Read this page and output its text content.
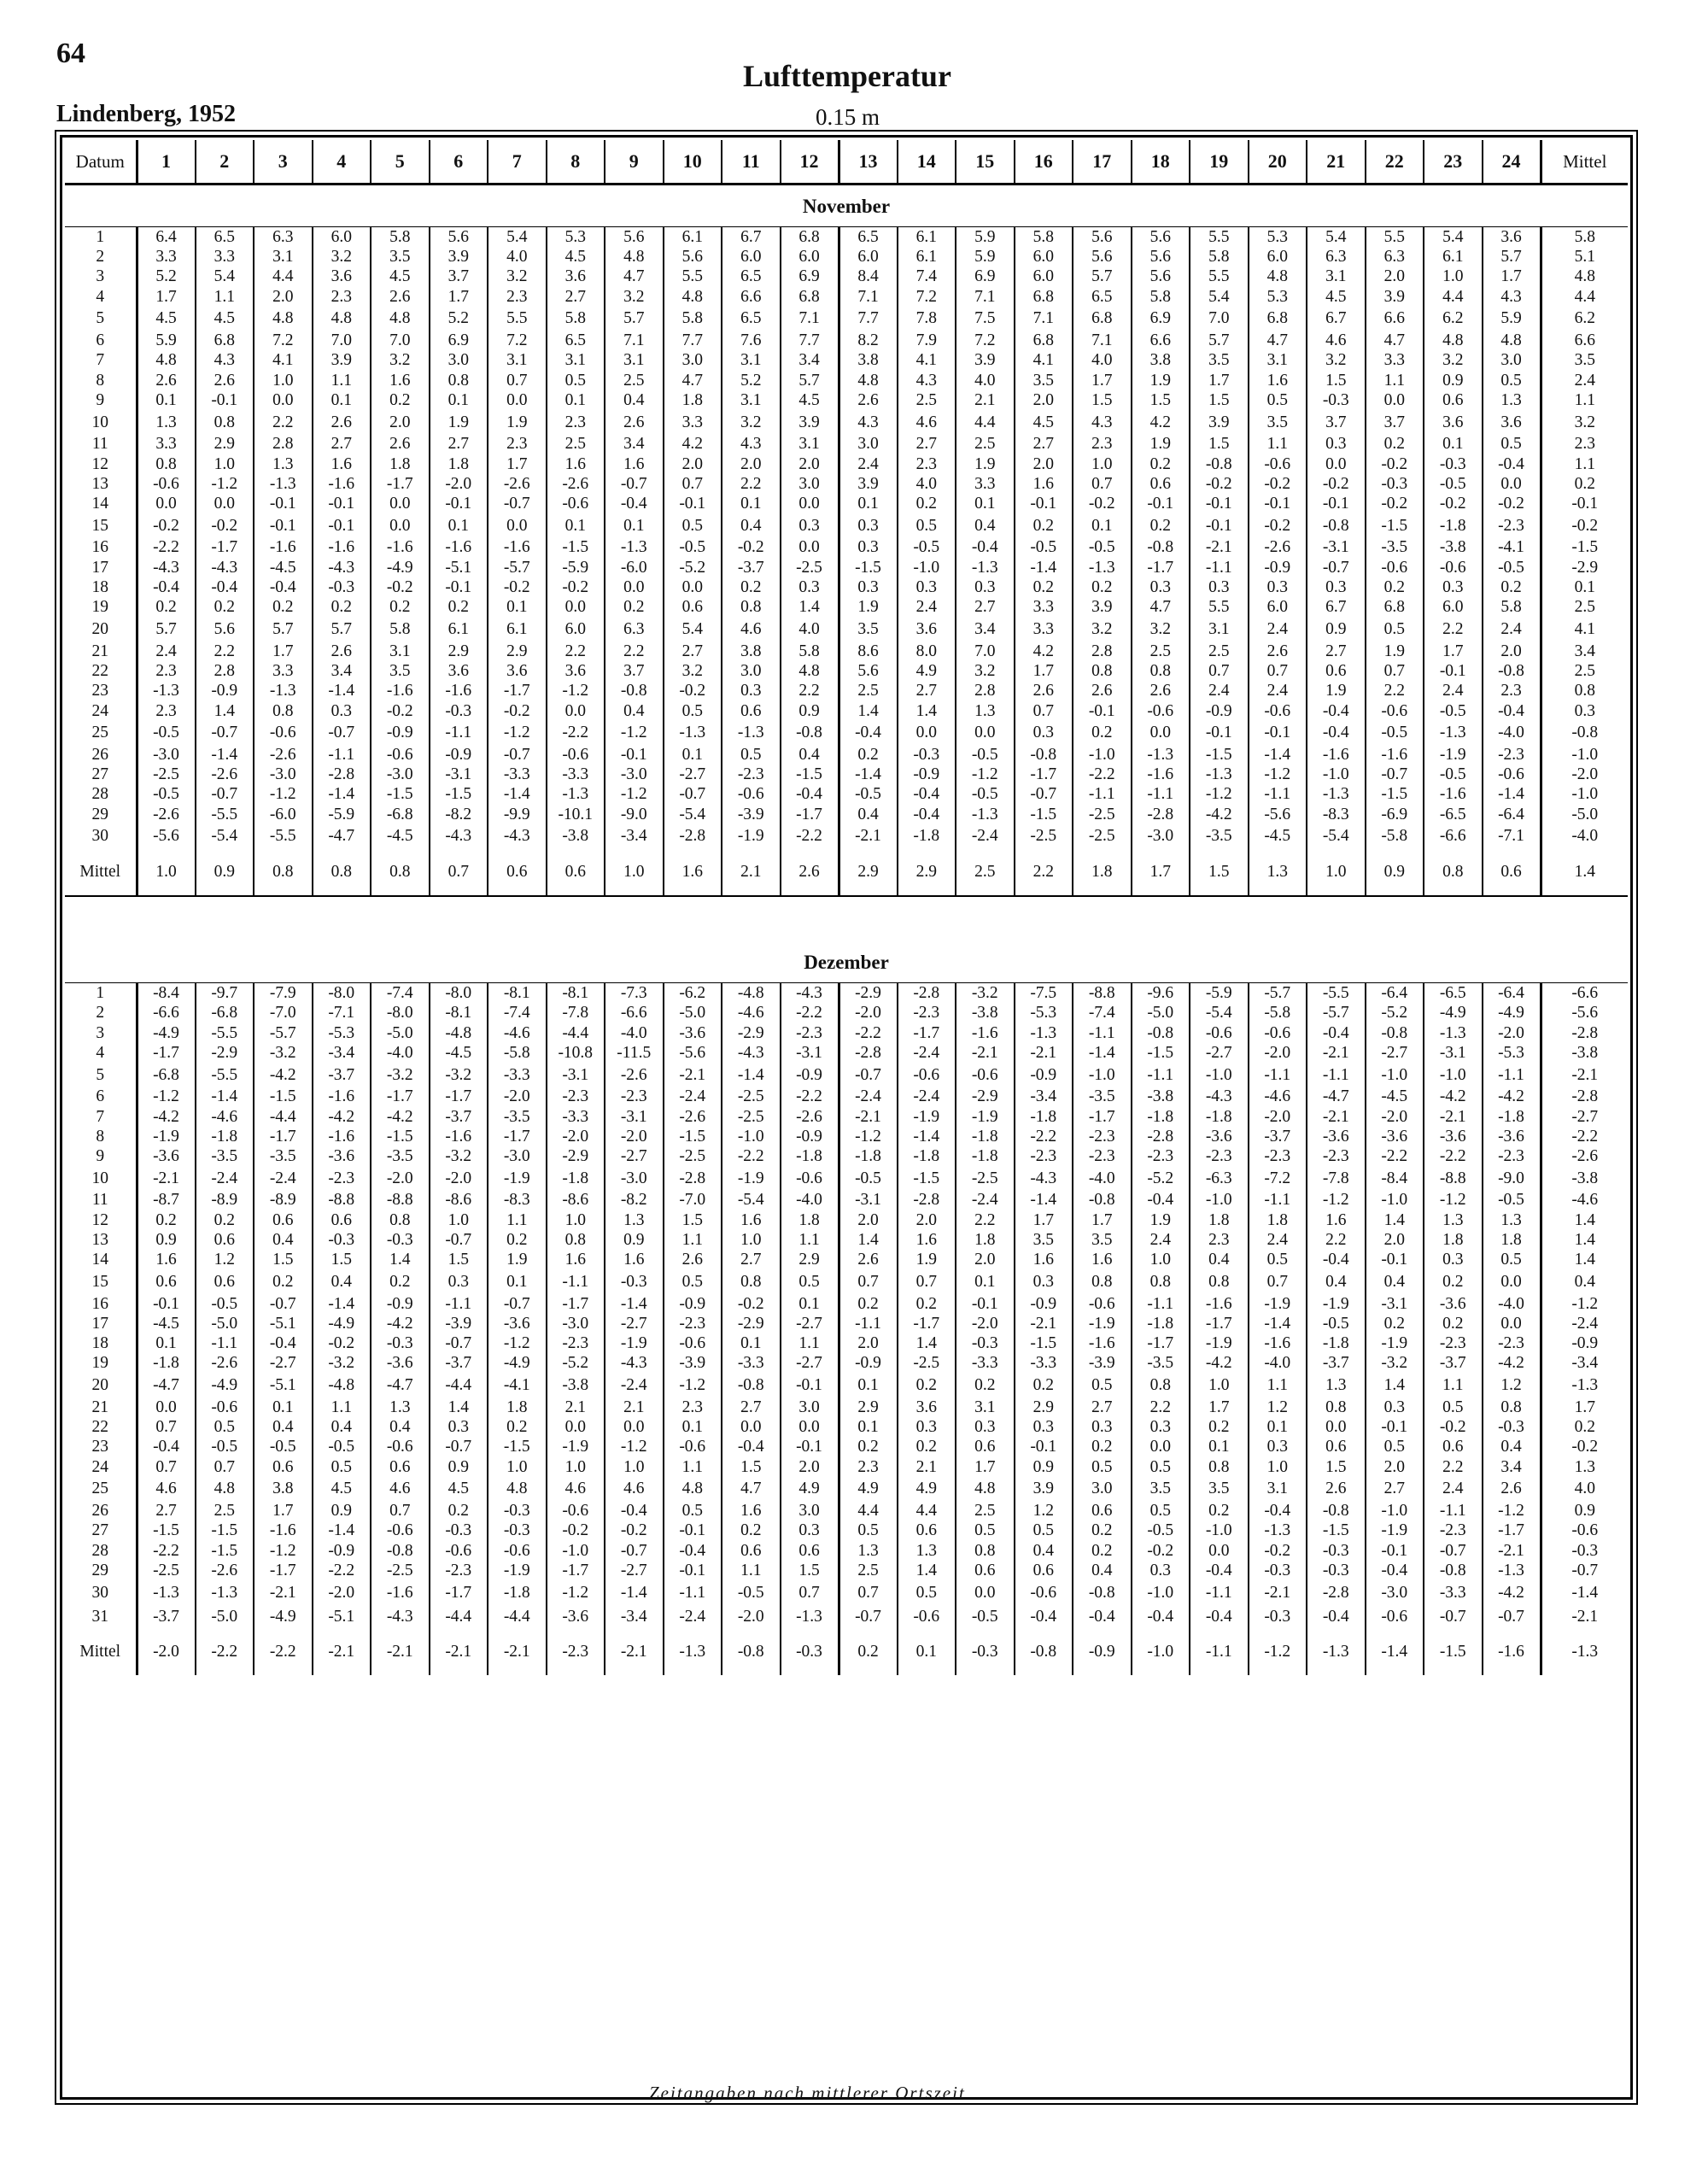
64
Lindenberg, 1952
Lufttemperatur
0.15 m
Datum	1	2	3	4	5	6	7	8	9	10	11	12	13	14	15	16	17	18	19	20	21	22	23	24	Mittel
November																									
1	6.4	6.5	6.3	6.0	5.8	5.6	5.4	5.3	5.6	6.1	6.7	6.8	6.5	6.1	5.9	5.8	5.6	5.6	5.5	5.3	5.4	5.5	5.4	3.6	5.8
2	3.3	3.3	3.1	3.2	3.5	3.9	4.0	4.5	4.8	5.6	6.0	6.0	6.0	6.1	5.9	6.0	5.6	5.6	5.8	6.0	6.3	6.3	6.1	5.7	5.1
3	5.2	5.4	4.4	3.6	4.5	3.7	3.2	3.6	4.7	5.5	6.5	6.9	8.4	7.4	6.9	6.0	5.7	5.6	5.5	4.8	3.1	2.0	1.0	1.7	4.8
4	1.7	1.1	2.0	2.3	2.6	1.7	2.3	2.7	3.2	4.8	6.6	6.8	7.1	7.2	7.1	6.8	6.5	5.8	5.4	5.3	4.5	3.9	4.4	4.3	4.4
5	4.5	4.5	4.8	4.8	4.8	5.2	5.5	5.8	5.7	5.8	6.5	7.1	7.7	7.8	7.5	7.1	6.8	6.9	7.0	6.8	6.7	6.6	6.2	5.9	6.2
6	5.9	6.8	7.2	7.0	7.0	6.9	7.2	6.5	7.1	7.7	7.6	7.7	8.2	7.9	7.2	6.8	7.1	6.6	5.7	4.7	4.6	4.7	4.8	4.8	6.6
7	4.8	4.3	4.1	3.9	3.2	3.0	3.1	3.1	3.1	3.0	3.1	3.4	3.8	4.1	3.9	4.1	4.0	3.8	3.5	3.1	3.2	3.3	3.2	3.0	3.5
8	2.6	2.6	1.0	1.1	1.6	0.8	0.7	0.5	2.5	4.7	5.2	5.7	4.8	4.3	4.0	3.5	1.7	1.9	1.7	1.6	1.5	1.1	0.9	0.5	2.4
9	0.1	-0.1	0.0	0.1	0.2	0.1	0.0	0.1	0.4	1.8	3.1	4.5	2.6	2.5	2.1	2.0	1.5	1.5	1.5	0.5	-0.3	0.0	0.6	1.3	1.1
10	1.3	0.8	2.2	2.6	2.0	1.9	1.9	2.3	2.6	3.3	3.2	3.9	4.3	4.6	4.4	4.5	4.3	4.2	3.9	3.5	3.7	3.7	3.6	3.6	3.2
11	3.3	2.9	2.8	2.7	2.6	2.7	2.3	2.5	3.4	4.2	4.3	3.1	3.0	2.7	2.5	2.7	2.3	1.9	1.5	1.1	0.3	0.2	0.1	0.5	2.3
12	0.8	1.0	1.3	1.6	1.8	1.8	1.7	1.6	1.6	2.0	2.0	2.0	2.4	2.3	1.9	2.0	1.0	0.2	-0.8	-0.6	0.0	-0.2	-0.3	-0.4	1.1
13	-0.6	-1.2	-1.3	-1.6	-1.7	-2.0	-2.6	-2.6	-0.7	0.7	2.2	3.0	3.9	4.0	3.3	1.6	0.7	0.6	-0.2	-0.2	-0.2	-0.3	-0.5	0.0	0.2
14	0.0	0.0	-0.1	-0.1	0.0	-0.1	-0.7	-0.6	-0.4	-0.1	0.1	0.0	0.1	0.2	0.1	-0.1	-0.2	-0.1	-0.1	-0.1	-0.1	-0.2	-0.2	-0.2	-0.1
15	-0.2	-0.2	-0.1	-0.1	0.0	0.1	0.0	0.1	0.1	0.5	0.4	0.3	0.3	0.5	0.4	0.2	0.1	0.2	-0.1	-0.2	-0.8	-1.5	-1.8	-2.3	-0.2
16	-2.2	-1.7	-1.6	-1.6	-1.6	-1.6	-1.6	-1.5	-1.3	-0.5	-0.2	0.0	0.3	-0.5	-0.4	-0.5	-0.5	-0.8	-2.1	-2.6	-3.1	-3.5	-3.8	-4.1	-1.5
17	-4.3	-4.3	-4.5	-4.3	-4.9	-5.1	-5.7	-5.9	-6.0	-5.2	-3.7	-2.5	-1.5	-1.0	-1.3	-1.4	-1.3	-1.7	-1.1	-0.9	-0.7	-0.6	-0.6	-0.5	-2.9
18	-0.4	-0.4	-0.4	-0.3	-0.2	-0.1	-0.2	-0.2	0.0	0.0	0.2	0.3	0.3	0.3	0.3	0.2	0.2	0.3	0.3	0.3	0.3	0.2	0.3	0.2	0.1
19	0.2	0.2	0.2	0.2	0.2	0.2	0.1	0.0	0.2	0.6	0.8	1.4	1.9	2.4	2.7	3.3	3.9	4.7	5.5	6.0	6.7	6.8	6.0	5.8	2.5
20	5.7	5.6	5.7	5.7	5.8	6.1	6.1	6.0	6.3	5.4	4.6	4.0	3.5	3.6	3.4	3.3	3.2	3.2	3.1	2.4	0.9	0.5	2.2	2.4	4.1
21	2.4	2.2	1.7	2.6	3.1	2.9	2.9	2.2	2.2	2.7	3.8	5.8	8.6	8.0	7.0	4.2	2.8	2.5	2.5	2.6	2.7	1.9	1.7	2.0	3.4
22	2.3	2.8	3.3	3.4	3.5	3.6	3.6	3.6	3.7	3.2	3.0	4.8	5.6	4.9	3.2	1.7	0.8	0.8	0.7	0.7	0.6	0.7	-0.1	-0.8	2.5
23	-1.3	-0.9	-1.3	-1.4	-1.6	-1.6	-1.7	-1.2	-0.8	-0.2	0.3	2.2	2.5	2.7	2.8	2.6	2.6	2.6	2.4	2.4	1.9	2.2	2.4	2.3	0.8
24	2.3	1.4	0.8	0.3	-0.2	-0.3	-0.2	0.0	0.4	0.5	0.6	0.9	1.4	1.4	1.3	0.7	-0.1	-0.6	-0.9	-0.6	-0.4	-0.6	-0.5	-0.4	0.3
25	-0.5	-0.7	-0.6	-0.7	-0.9	-1.1	-1.2	-2.2	-1.2	-1.3	-1.3	-0.8	-0.4	0.0	0.0	0.3	0.2	0.0	-0.1	-0.1	-0.4	-0.5	-1.3	-4.0	-0.8
26	-3.0	-1.4	-2.6	-1.1	-0.6	-0.9	-0.7	-0.6	-0.1	0.1	0.5	0.4	0.2	-0.3	-0.5	-0.8	-1.0	-1.3	-1.5	-1.4	-1.6	-1.6	-1.9	-2.3	-1.0
27	-2.5	-2.6	-3.0	-2.8	-3.0	-3.1	-3.3	-3.3	-3.0	-2.7	-2.3	-1.5	-1.4	-0.9	-1.2	-1.7	-2.2	-1.6	-1.3	-1.2	-1.0	-0.7	-0.5	-0.6	-2.0
28	-0.5	-0.7	-1.2	-1.4	-1.5	-1.5	-1.4	-1.3	-1.2	-0.7	-0.6	-0.4	-0.5	-0.4	-0.5	-0.7	-1.1	-1.1	-1.2	-1.1	-1.3	-1.5	-1.6	-1.4	-1.0
29	-2.6	-5.5	-6.0	-5.9	-6.8	-8.2	-9.9	-10.1	-9.0	-5.4	-3.9	-1.7	0.4	-0.4	-1.3	-1.5	-2.5	-2.8	-4.2	-5.6	-8.3	-6.9	-6.5	-6.4	-5.0
30	-5.6	-5.4	-5.5	-4.7	-4.5	-4.3	-4.3	-3.8	-3.4	-2.8	-1.9	-2.2	-2.1	-1.8	-2.4	-2.5	-2.5	-3.0	-3.5	-4.5	-5.4	-5.8	-6.6	-7.1	-4.0
Mittel	1.0	0.9	0.8	0.8	0.8	0.7	0.6	0.6	1.0	1.6	2.1	2.6	2.9	2.9	2.5	2.2	1.8	1.7	1.5	1.3	1.0	0.9	0.8	0.6	1.4

Dezember																									
1	-8.4	-9.7	-7.9	-8.0	-7.4	-8.0	-8.1	-8.1	-7.3	-6.2	-4.8	-4.3	-2.9	-2.8	-3.2	-7.5	-8.8	-9.6	-5.9	-5.7	-5.5	-6.4	-6.5	-6.4	-6.6
2	-6.6	-6.8	-7.0	-7.1	-8.0	-8.1	-7.4	-7.8	-6.6	-5.0	-4.6	-2.2	-2.0	-2.3	-3.8	-5.3	-7.4	-5.0	-5.4	-5.8	-5.7	-5.2	-4.9	-4.9	-5.6
3	-4.9	-5.5	-5.7	-5.3	-5.0	-4.8	-4.6	-4.4	-4.0	-3.6	-2.9	-2.3	-2.2	-1.7	-1.6	-1.3	-1.1	-0.8	-0.6	-0.6	-0.4	-0.8	-1.3	-2.0	-2.8
4	-1.7	-2.9	-3.2	-3.4	-4.0	-4.5	-5.8	-10.8	-11.5	-5.6	-4.3	-3.1	-2.8	-2.4	-2.1	-2.1	-1.4	-1.5	-2.7	-2.0	-2.1	-2.7	-3.1	-5.3	-3.8
5	-6.8	-5.5	-4.2	-3.7	-3.2	-3.2	-3.3	-3.1	-2.6	-2.1	-1.4	-0.9	-0.7	-0.6	-0.6	-0.9	-1.0	-1.1	-1.0	-1.1	-1.1	-1.0	-1.0	-1.1	-2.1
6	-1.2	-1.4	-1.5	-1.6	-1.7	-1.7	-2.0	-2.3	-2.3	-2.4	-2.5	-2.2	-2.4	-2.4	-2.9	-3.4	-3.5	-3.8	-4.3	-4.6	-4.7	-4.5	-4.2	-4.2	-2.8
7	-4.2	-4.6	-4.4	-4.2	-4.2	-3.7	-3.5	-3.3	-3.1	-2.6	-2.5	-2.6	-2.1	-1.9	-1.9	-1.8	-1.7	-1.8	-1.8	-2.0	-2.1	-2.0	-2.1	-1.8	-2.7
8	-1.9	-1.8	-1.7	-1.6	-1.5	-1.6	-1.7	-2.0	-2.0	-1.5	-1.0	-0.9	-1.2	-1.4	-1.8	-2.2	-2.3	-2.8	-3.6	-3.7	-3.6	-3.6	-3.6	-3.6	-2.2
9	-3.6	-3.5	-3.5	-3.6	-3.5	-3.2	-3.0	-2.9	-2.7	-2.5	-2.2	-1.8	-1.8	-1.8	-1.8	-2.3	-2.3	-2.3	-2.3	-2.3	-2.3	-2.2	-2.2	-2.3	-2.6
10	-2.1	-2.4	-2.4	-2.3	-2.0	-2.0	-1.9	-1.8	-3.0	-2.8	-1.9	-0.6	-0.5	-1.5	-2.5	-4.3	-4.0	-5.2	-6.3	-7.2	-7.8	-8.4	-8.8	-9.0	-3.8
11	-8.7	-8.9	-8.9	-8.8	-8.8	-8.6	-8.3	-8.6	-8.2	-7.0	-5.4	-4.0	-3.1	-2.8	-2.4	-1.4	-0.8	-0.4	-1.0	-1.1	-1.2	-1.0	-1.2	-0.5	-4.6
12	0.2	0.2	0.6	0.6	0.8	1.0	1.1	1.0	1.3	1.5	1.6	1.8	2.0	2.0	2.2	1.7	1.7	1.9	1.8	1.8	1.6	1.4	1.3	1.3	1.4
13	0.9	0.6	0.4	-0.3	-0.3	-0.7	0.2	0.8	0.9	1.1	1.0	1.1	1.4	1.6	1.8	3.5	3.5	2.4	2.3	2.4	2.2	2.0	1.8	1.8	1.4
14	1.6	1.2	1.5	1.5	1.4	1.5	1.9	1.6	1.6	2.6	2.7	2.9	2.6	1.9	2.0	1.6	1.6	1.0	0.4	0.5	-0.4	-0.1	0.3	0.5	1.4
15	0.6	0.6	0.2	0.4	0.2	0.3	0.1	-1.1	-0.3	0.5	0.8	0.5	0.7	0.7	0.1	0.3	0.8	0.8	0.8	0.7	0.4	0.4	0.2	0.0	0.4
16	-0.1	-0.5	-0.7	-1.4	-0.9	-1.1	-0.7	-1.7	-1.4	-0.9	-0.2	0.1	0.2	0.2	-0.1	-0.9	-0.6	-1.1	-1.6	-1.9	-1.9	-3.1	-3.6	-4.0	-1.2
17	-4.5	-5.0	-5.1	-4.9	-4.2	-3.9	-3.6	-3.0	-2.7	-2.3	-2.9	-2.7	-1.1	-1.7	-2.0	-2.1	-1.9	-1.8	-1.7	-1.4	-0.5	0.2	0.2	0.0	-2.4
18	0.1	-1.1	-0.4	-0.2	-0.3	-0.7	-1.2	-2.3	-1.9	-0.6	0.1	1.1	2.0	1.4	-0.3	-1.5	-1.6	-1.7	-1.9	-1.6	-1.8	-1.9	-2.3	-2.3	-0.9
19	-1.8	-2.6	-2.7	-3.2	-3.6	-3.7	-4.9	-5.2	-4.3	-3.9	-3.3	-2.7	-0.9	-2.5	-3.3	-3.3	-3.9	-3.5	-4.2	-4.0	-3.7	-3.2	-3.7	-4.2	-3.4
20	-4.7	-4.9	-5.1	-4.8	-4.7	-4.4	-4.1	-3.8	-2.4	-1.2	-0.8	-0.1	0.1	0.2	0.2	0.2	0.5	0.8	1.0	1.1	1.3	1.4	1.1	1.2	-1.3
21	0.0	-0.6	0.1	1.1	1.3	1.4	1.8	2.1	2.1	2.3	2.7	3.0	2.9	3.6	3.1	2.9	2.7	2.2	1.7	1.2	0.8	0.3	0.5	0.8	1.7
22	0.7	0.5	0.4	0.4	0.4	0.3	0.2	0.0	0.0	0.1	0.0	0.0	0.1	0.3	0.3	0.3	0.3	0.3	0.2	0.1	0.0	-0.1	-0.2	-0.3	0.2
23	-0.4	-0.5	-0.5	-0.5	-0.6	-0.7	-1.5	-1.9	-1.2	-0.6	-0.4	-0.1	0.2	0.2	0.6	-0.1	0.2	0.0	0.1	0.3	0.6	0.5	0.6	0.4	-0.2
24	0.7	0.7	0.6	0.5	0.6	0.9	1.0	1.0	1.0	1.1	1.5	2.0	2.3	2.1	1.7	0.9	0.5	0.5	0.8	1.0	1.5	2.0	2.2	3.4	1.3
25	4.6	4.8	3.8	4.5	4.6	4.5	4.8	4.6	4.6	4.8	4.7	4.9	4.9	4.9	4.8	3.9	3.0	3.5	3.5	3.1	2.6	2.7	2.4	2.6	4.0
26	2.7	2.5	1.7	0.9	0.7	0.2	-0.3	-0.6	-0.4	0.5	1.6	3.0	4.4	4.4	2.5	1.2	0.6	0.5	0.2	-0.4	-0.8	-1.0	-1.1	-1.2	0.9
27	-1.5	-1.5	-1.6	-1.4	-0.6	-0.3	-0.3	-0.2	-0.2	-0.1	0.2	0.3	0.5	0.6	0.5	0.5	0.2	-0.5	-1.0	-1.3	-1.5	-1.9	-2.3	-1.7	-0.6
28	-2.2	-1.5	-1.2	-0.9	-0.8	-0.6	-0.6	-1.0	-0.7	-0.4	0.6	0.6	1.3	1.3	0.8	0.4	0.2	-0.2	0.0	-0.2	-0.3	-0.1	-0.7	-2.1	-0.3
29	-2.5	-2.6	-1.7	-2.2	-2.5	-2.3	-1.9	-1.7	-2.7	-0.1	1.1	1.5	2.5	1.4	0.6	0.6	0.4	0.3	-0.4	-0.3	-0.3	-0.4	-0.8	-1.3	-0.7
30	-1.3	-1.3	-2.1	-2.0	-1.6	-1.7	-1.8	-1.2	-1.4	-1.1	-0.5	0.7	0.7	0.5	0.0	-0.6	-0.8	-1.0	-1.1	-2.1	-2.8	-3.0	-3.3	-4.2	-1.4
31	-3.7	-5.0	-4.9	-5.1	-4.3	-4.4	-4.4	-3.6	-3.4	-2.4	-2.0	-1.3	-0.7	-0.6	-0.5	-0.4	-0.4	-0.4	-0.4	-0.3	-0.4	-0.6	-0.7	-0.7	-2.1
Mittel	-2.0	-2.2	-2.2	-2.1	-2.1	-2.1	-2.1	-2.3	-2.1	-1.3	-0.8	-0.3	0.2	0.1	-0.3	-0.8	-0.9	-1.0	-1.1	-1.2	-1.3	-1.4	-1.5	-1.6	-1.3
Zeitangaben nach mittlerer Ortszeit
